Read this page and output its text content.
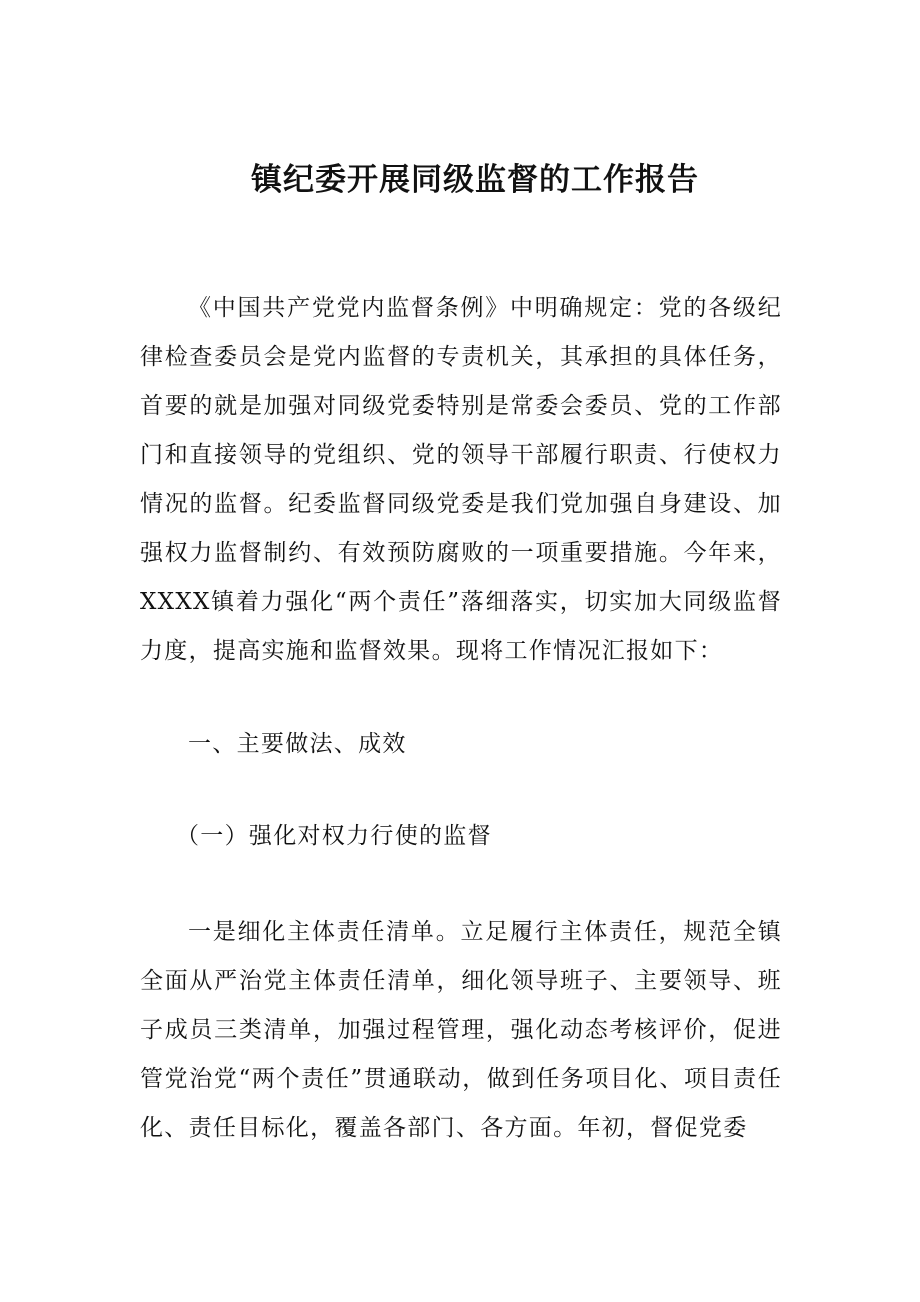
镇纪委开展同级监督的工作报告

《中国共产党党内监督条例》中明确规定：党的各级纪律检查委员会是党内监督的专责机关，其承担的具体任务，首要的就是加强对同级党委特别是常委会委员、党的工作部门和直接领导的党组织、党的领导干部履行职责、行使权力情况的监督。纪委监督同级党委是我们党加强自身建设、加强权力监督制约、有效预防腐败的一项重要措施。今年来，XXXX镇着力强化“两个责任”落细落实，切实加大同级监督力度，提高实施和监督效果。现将工作情况汇报如下：

一、主要做法、成效

（一）强化对权力行使的监督

一是细化主体责任清单。立足履行主体责任，规范全镇全面从严治党主体责任清单，细化领导班子、主要领导、班子成员三类清单，加强过程管理，强化动态考核评价，促进管党治党“两个责任”贯通联动，做到任务项目化、项目责任化、责任目标化，覆盖各部门、各方面。年初，督促党委
